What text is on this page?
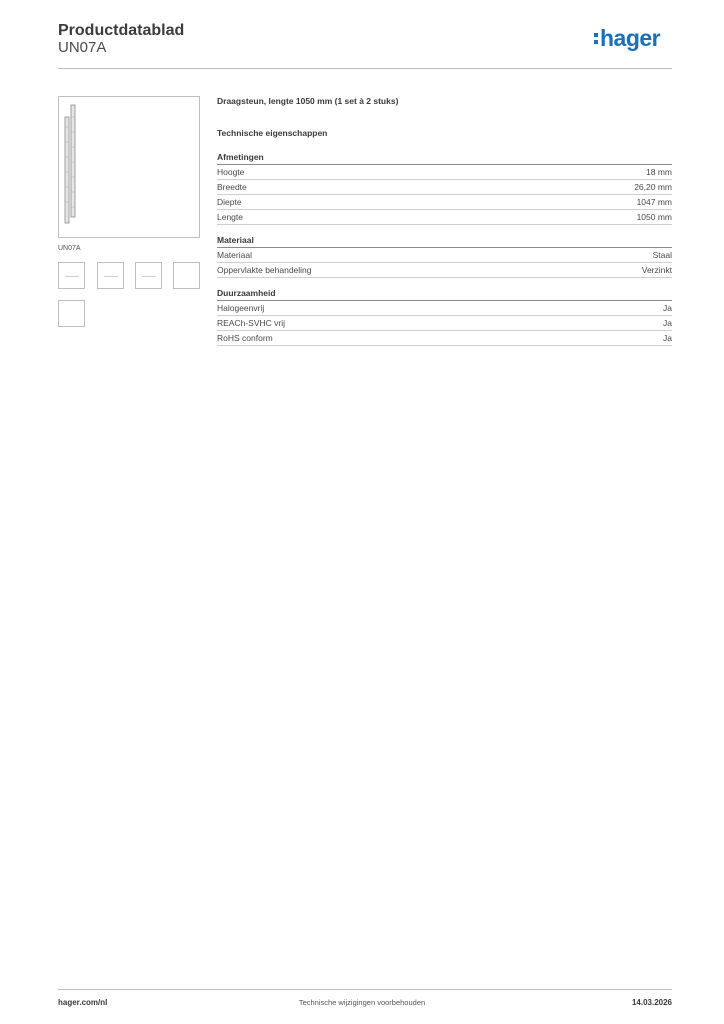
Productdatablad
UN07A	hager
UN07A

Draagsteun, lengte 1050 mm (1 set à 2 stuks)

Technische eigenschappen

Afmetingen
Hoogte	18 mm
Breedte	26,20 mm
Diepte	1047 mm
Lengte	1050 mm
Materiaal
Materiaal	Staal
Oppervlakte behandeling	Verzinkt
Duurzaamheid
Halogeenvrij	Ja
REACh-SVHC vrij	Ja
RoHS conform	Ja
hager.com/nl	Technische wijzigingen voorbehouden	14.03.2026
